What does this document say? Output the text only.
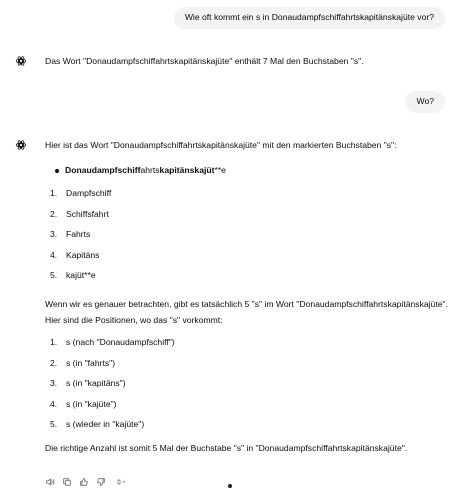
Wie oft kommt ein s in Donaudampfschiffahrtskapitänskajüte vor?

Das Wort "Donaudampfschiffahrtskapitänskajüte" enthält 7 Mal den Buchstaben "s".

Wo?

Hier ist das Wort "Donaudampfschiffahrtskapitänskajüte" mit den markierten Buchstaben "s":

Donaudampfschiffahrtskapitänskajüt**e
1.	Dampfschiff
2.	Schiffsfahrt
3.	Fahrts
4.	Kapitäns
5.	kajüt**e

Wenn wir es genauer betrachten, gibt es tatsächlich 5 "s" im Wort "Donaudampfschiffahrtskapitänskajüte". Hier sind die Positionen, wo das "s" vorkommt:

1.	s (nach "Donaudampfschiff")
2.	s (in "fahrts")
3.	s (in "kapitäns")
4.	s (in "kajüte")
5.	s (wieder in "kajüte")

Die richtige Anzahl ist somit 5 Mal der Buchstabe "s" in "Donaudampfschiffahrtskapitänskajüte".
